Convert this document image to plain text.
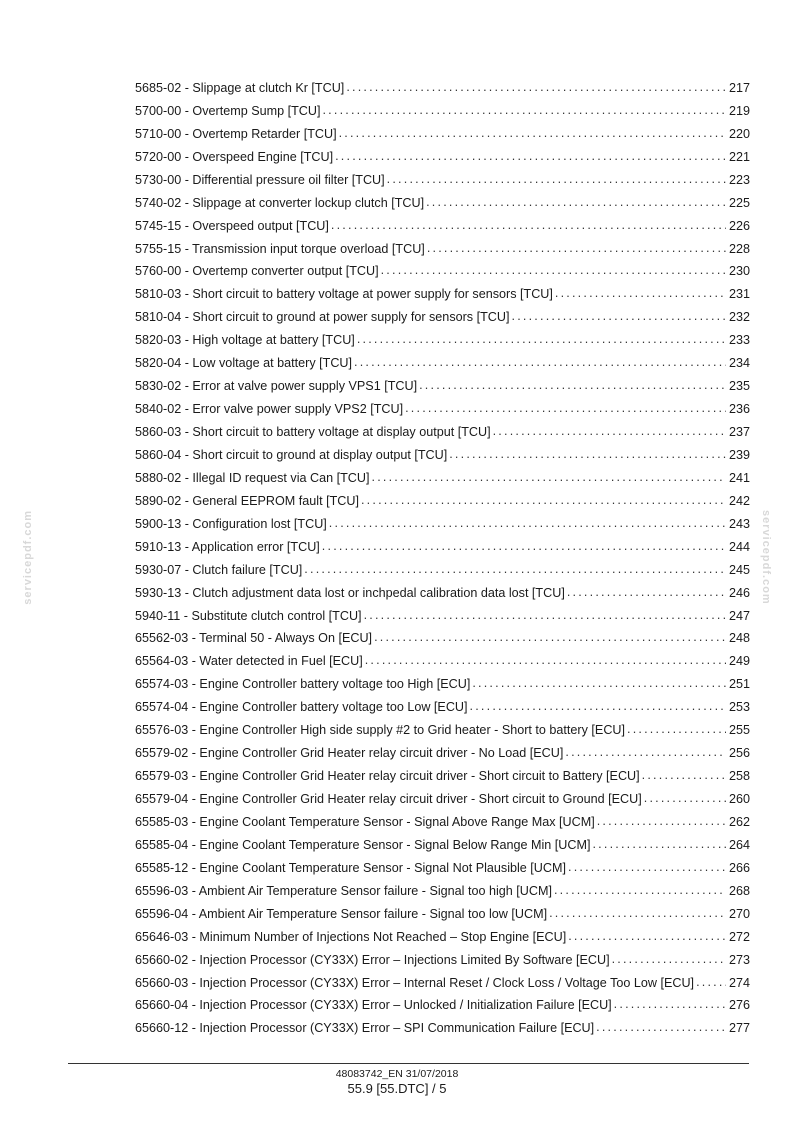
servicepdf.com	servicepdf.com
5685-02 - Slippage at clutch Kr [TCU] .....	217
5700-00 - Overtemp Sump [TCU] .....	219
5710-00 - Overtemp Retarder [TCU] .....	220
5720-00 - Overspeed Engine [TCU] .....	221
5730-00 - Differential pressure oil filter [TCU] .....	223
5740-02 - Slippage at converter lockup clutch [TCU] .....	225
5745-15 - Overspeed output [TCU] .....	226
5755-15 - Transmission input torque overload [TCU] .....	228
5760-00 - Overtemp converter output [TCU] .....	230
5810-03 - Short circuit to battery voltage at power supply for sensors [TCU] .....	231
5810-04 - Short circuit to ground at power supply for sensors [TCU] .....	232
5820-03 - High voltage at battery [TCU] .....	233
5820-04 - Low voltage at battery [TCU] .....	234
5830-02 - Error at valve power supply VPS1 [TCU] .....	235
5840-02 - Error valve power supply VPS2 [TCU] .....	236
5860-03 - Short circuit to battery voltage at display output [TCU] .....	237
5860-04 - Short circuit to ground at display output [TCU] .....	239
5880-02 - Illegal ID request via Can [TCU] .....	241
5890-02 - General EEPROM fault [TCU] .....	242
5900-13 - Configuration lost [TCU] .....	243
5910-13 - Application error [TCU] .....	244
5930-07 - Clutch failure [TCU] .....	245
5930-13 - Clutch adjustment data lost or inchpedal calibration data lost [TCU] .....	246
5940-11 - Substitute clutch control [TCU] .....	247
65562-03 - Terminal 50 - Always On [ECU] .....	248
65564-03 - Water detected in Fuel [ECU] .....	249
65574-03 - Engine Controller battery voltage too High [ECU] .....	251
65574-04 - Engine Controller battery voltage too Low [ECU] .....	253
65576-03 - Engine Controller High side supply #2 to Grid heater - Short to battery [ECU] .....	255
65579-02 - Engine Controller Grid Heater relay circuit driver - No Load [ECU] .....	256
65579-03 - Engine Controller Grid Heater relay circuit driver - Short circuit to Battery [ECU] .....	258
65579-04 - Engine Controller Grid Heater relay circuit driver - Short circuit to Ground [ECU] .....	260
65585-03 - Engine Coolant Temperature Sensor - Signal Above Range Max [UCM] .....	262
65585-04 - Engine Coolant Temperature Sensor - Signal Below Range Min [UCM] .....	264
65585-12 - Engine Coolant Temperature Sensor - Signal Not Plausible [UCM] .....	266
65596-03 - Ambient Air Temperature Sensor failure - Signal too high [UCM] .....	268
65596-04 - Ambient Air Temperature Sensor failure - Signal too low [UCM] .....	270
65646-03 - Minimum Number of Injections Not Reached – Stop Engine [ECU] .....	272
65660-02 - Injection Processor (CY33X) Error – Injections Limited By Software [ECU] .....	273
65660-03 - Injection Processor (CY33X) Error – Internal Reset / Clock Loss / Voltage Too Low [ECU] .....	274
65660-04 - Injection Processor (CY33X) Error – Unlocked / Initialization Failure [ECU] .....	276
65660-12 - Injection Processor (CY33X) Error – SPI Communication Failure [ECU] .....	277
48083742_EN 31/07/2018
55.9 [55.DTC] / 5
